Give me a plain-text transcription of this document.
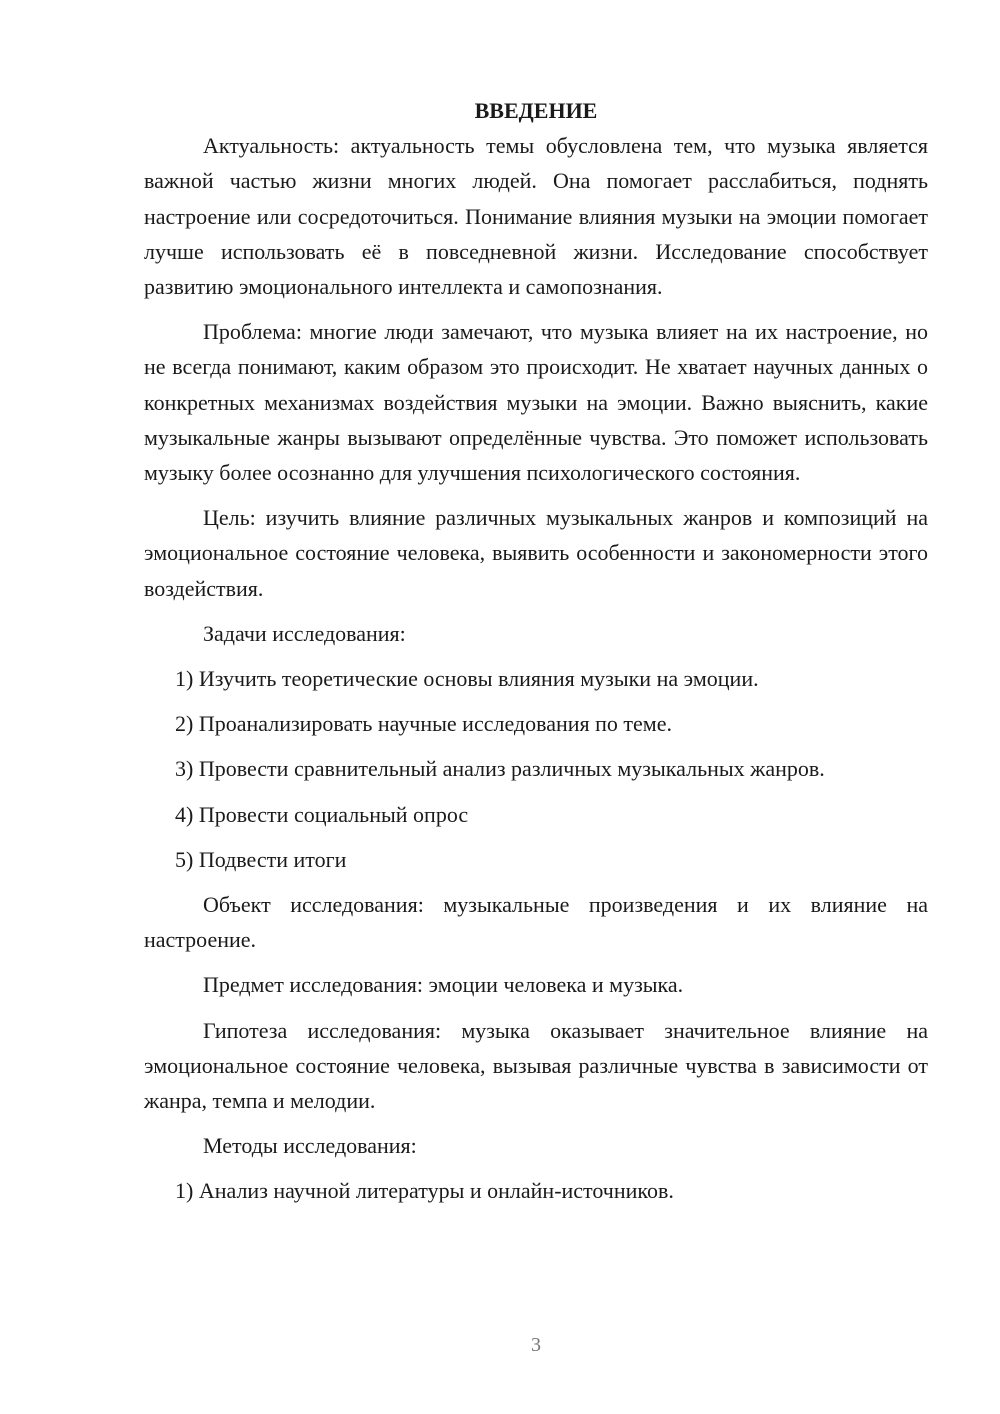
ВВЕДЕНИЕ

Актуальность: актуальность темы обусловлена тем, что музыка является важной частью жизни многих людей. Она помогает расслабиться, поднять настроение или сосредоточиться. Понимание влияния музыки на эмоции помогает лучше использовать её в повседневной жизни. Исследование способствует развитию эмоционального интеллекта и самопознания.

Проблема: многие люди замечают, что музыка влияет на их настроение, но не всегда понимают, каким образом это происходит. Не хватает научных данных о конкретных механизмах воздействия музыки на эмоции. Важно выяснить, какие музыкальные жанры вызывают определённые чувства. Это поможет использовать музыку более осознанно для улучшения психологического состояния.

Цель: изучить влияние различных музыкальных жанров и композиций на эмоциональное состояние человека, выявить особенности и закономерности этого воздействия.

Задачи исследования:

1) Изучить теоретические основы влияния музыки на эмоции.

2) Проанализировать научные исследования по теме.

3) Провести сравнительный анализ различных музыкальных жанров.

4) Провести социальный опрос

5) Подвести итоги

Объект исследования: музыкальные произведения и их влияние на настроение.

Предмет исследования: эмоции человека и музыка.

Гипотеза исследования: музыка оказывает значительное влияние на эмоциональное состояние человека, вызывая различные чувства в зависимости от жанра, темпа и мелодии.

Методы исследования:

1) Анализ научной литературы и онлайн-источников.

3
